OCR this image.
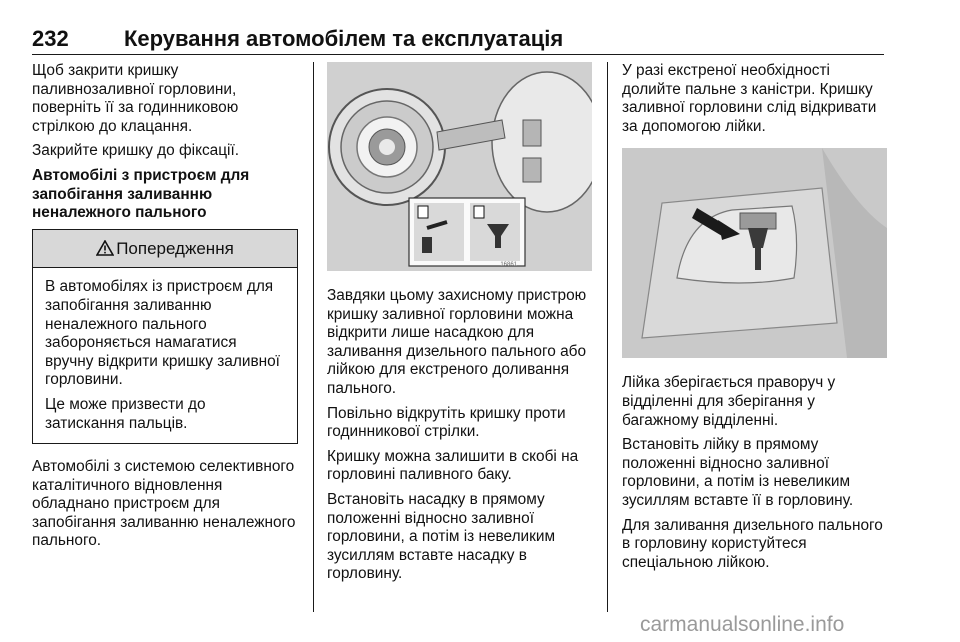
232	Керування автомобілем та експлуатація

Щоб закрити кришку паливнозаливної горловини, поверніть її за годинниковою стрілкою до клацання.

Закрийте кришку до фіксації.

Автомобілі з пристроєм для запобігання заливанню неналежного пального

Попередження

В автомобілях із пристроєм для запобігання заливанню неналежного пального забороняється намагатися вручну відкрити кришку заливної горловини.

Це може призвести до затискання пальців.

Автомобілі з системою селективного каталітичного відновлення обладнано пристроєм для запобігання заливанню неналежного пального.

16861

Завдяки цьому захисному пристрою кришку заливної горловини можна відкрити лише насадкою для заливання дизельного пального або лійкою для екстреного доливання пального.

Повільно відкрутіть кришку проти годинникової стрілки.

Кришку можна залишити в скобі на горловині паливного баку.

Встановіть насадку в прямому положенні відносно заливної горловини, а потім із невеликим зусиллям вставте насадку в горловину.

У разі екстреної необхідності долийте пальне з каністри. Кришку заливної горловини слід відкривати за допомогою лійки.

Лійка зберігається праворуч у відділенні для зберігання у багажному відділенні.

Встановіть лійку в прямому положенні відносно заливної горловини, а потім із невеликим зусиллям вставте її в горловину.

Для заливання дизельного пального в горловину користуйтеся спеціальною лійкою.

carmanualsonline.info
